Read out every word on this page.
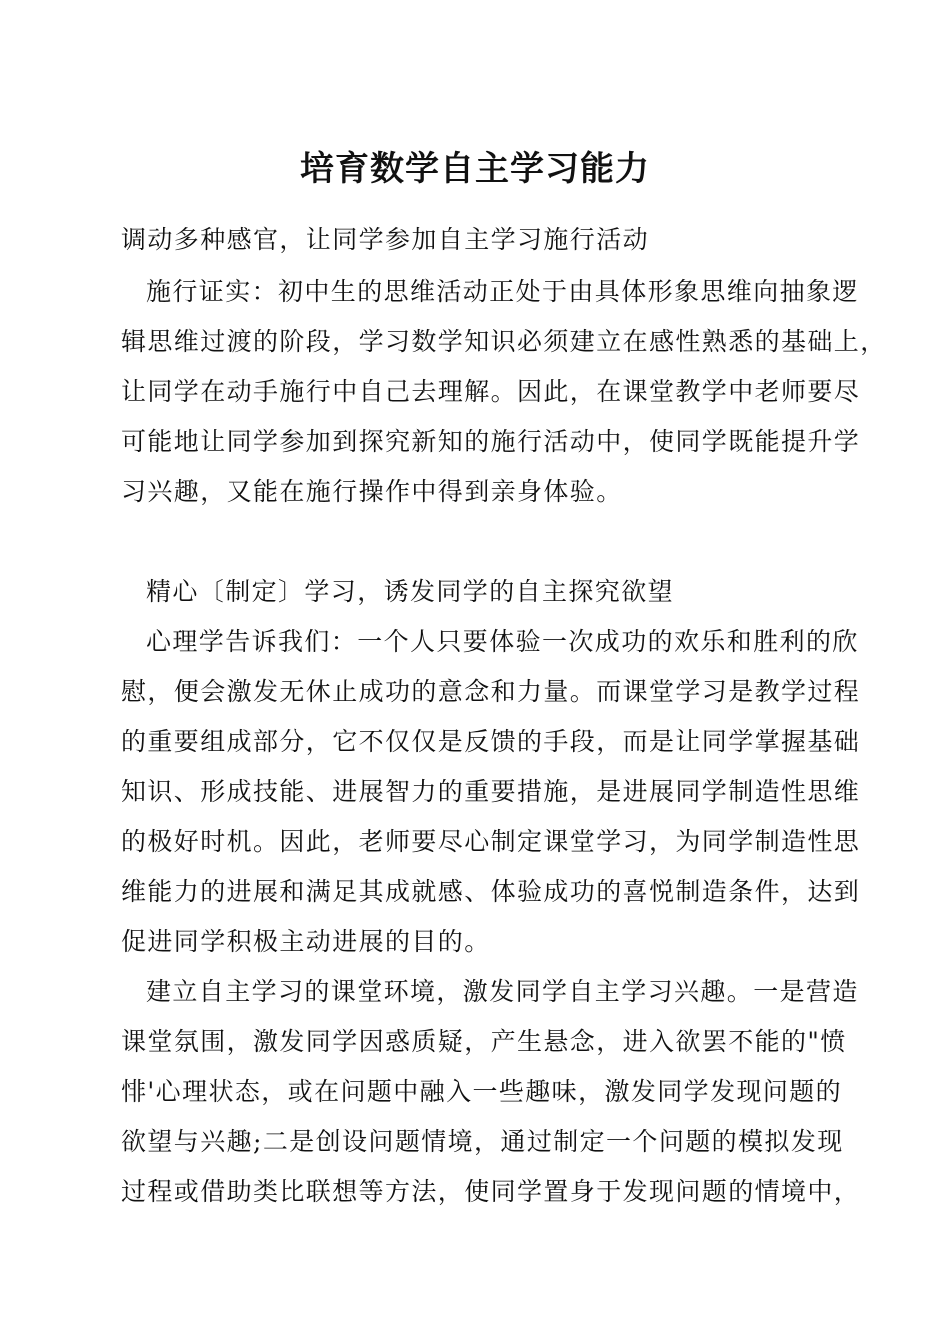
培育数学自主学习能力
调动多种感官，让同学参加自主学习施行活动
施行证实：初中生的思维活动正处于由具体形象思维向抽象逻
辑思维过渡的阶段，学习数学知识必须建立在感性熟悉的基础上，
让同学在动手施行中自己去理解。因此，在课堂教学中老师要尽
可能地让同学参加到探究新知的施行活动中，使同学既能提升学
习兴趣，又能在施行操作中得到亲身体验。
精心〔制定〕学习，诱发同学的自主探究欲望
心理学告诉我们：一个人只要体验一次成功的欢乐和胜利的欣
慰，便会激发无休止成功的意念和力量。而课堂学习是教学过程
的重要组成部分，它不仅仅是反馈的手段，而是让同学掌握基础
知识、形成技能、进展智力的重要措施，是进展同学制造性思维
的极好时机。因此，老师要尽心制定课堂学习，为同学制造性思
维能力的进展和满足其成就感、体验成功的喜悦制造条件，达到
促进同学积极主动进展的目的。
建立自主学习的课堂环境，激发同学自主学习兴趣。一是营造
课堂氛围，激发同学因惑质疑，产生悬念，进入欲罢不能的"愤
悱'心理状态，或在问题中融入一些趣味，激发同学发现问题的
欲望与兴趣;二是创设问题情境，通过制定一个问题的模拟发现
过程或借助类比联想等方法，使同学置身于发现问题的情境中，
